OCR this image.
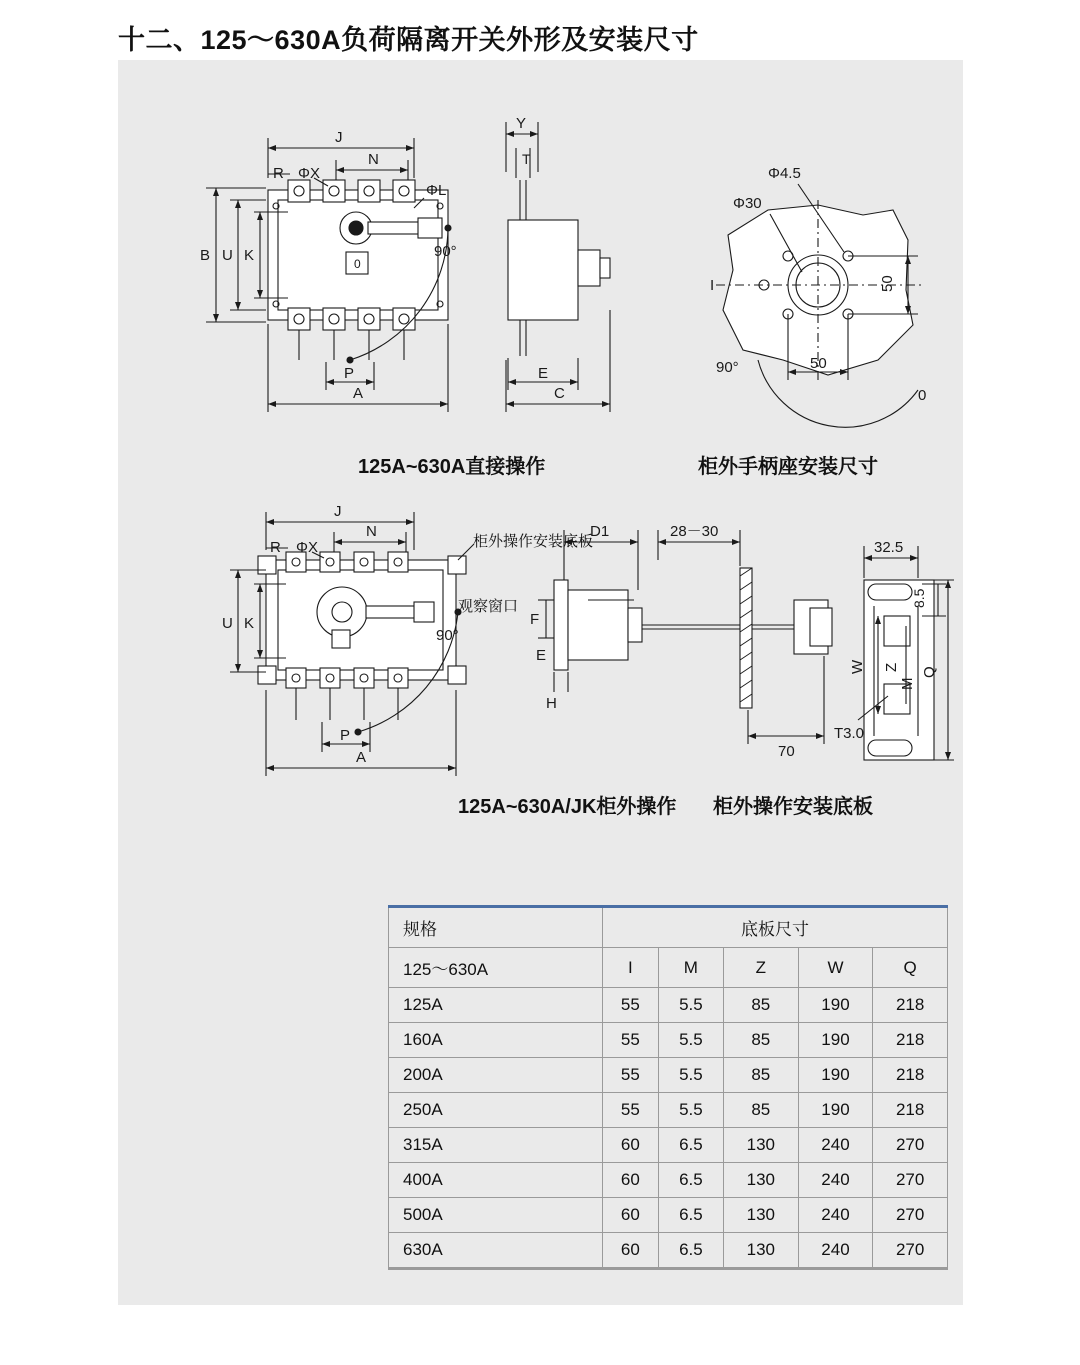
十二、125～630A负荷隔离开关外形及安装尺寸
0
90°
J
N
R ΦX
ΦL
B U K
P
A
Y
T
E
C
Φ4.5
Φ30
50
50
I
0
90°
90°
J
N
R ΦX
U K
P
A
D1	28－30
70
F
E
H
32.5
8.5
W Z
M
Q
T3.0
125A~630A直接操作	柜外手柄座安装尺寸
柜外操作安装底板
125A~630A/JK柜外操作 柜外操作安装底板
观察窗口
规格	底板尺寸				
125～630A	I	M	Z	W	Q
125A	55	5.5	85	190	218
160A	55	5.5	85	190	218
200A	55	5.5	85	190	218
250A	55	5.5	85	190	218
315A	60	6.5	130	240	270
400A	60	6.5	130	240	270
500A	60	6.5	130	240	270
630A	60	6.5	130	240	270
